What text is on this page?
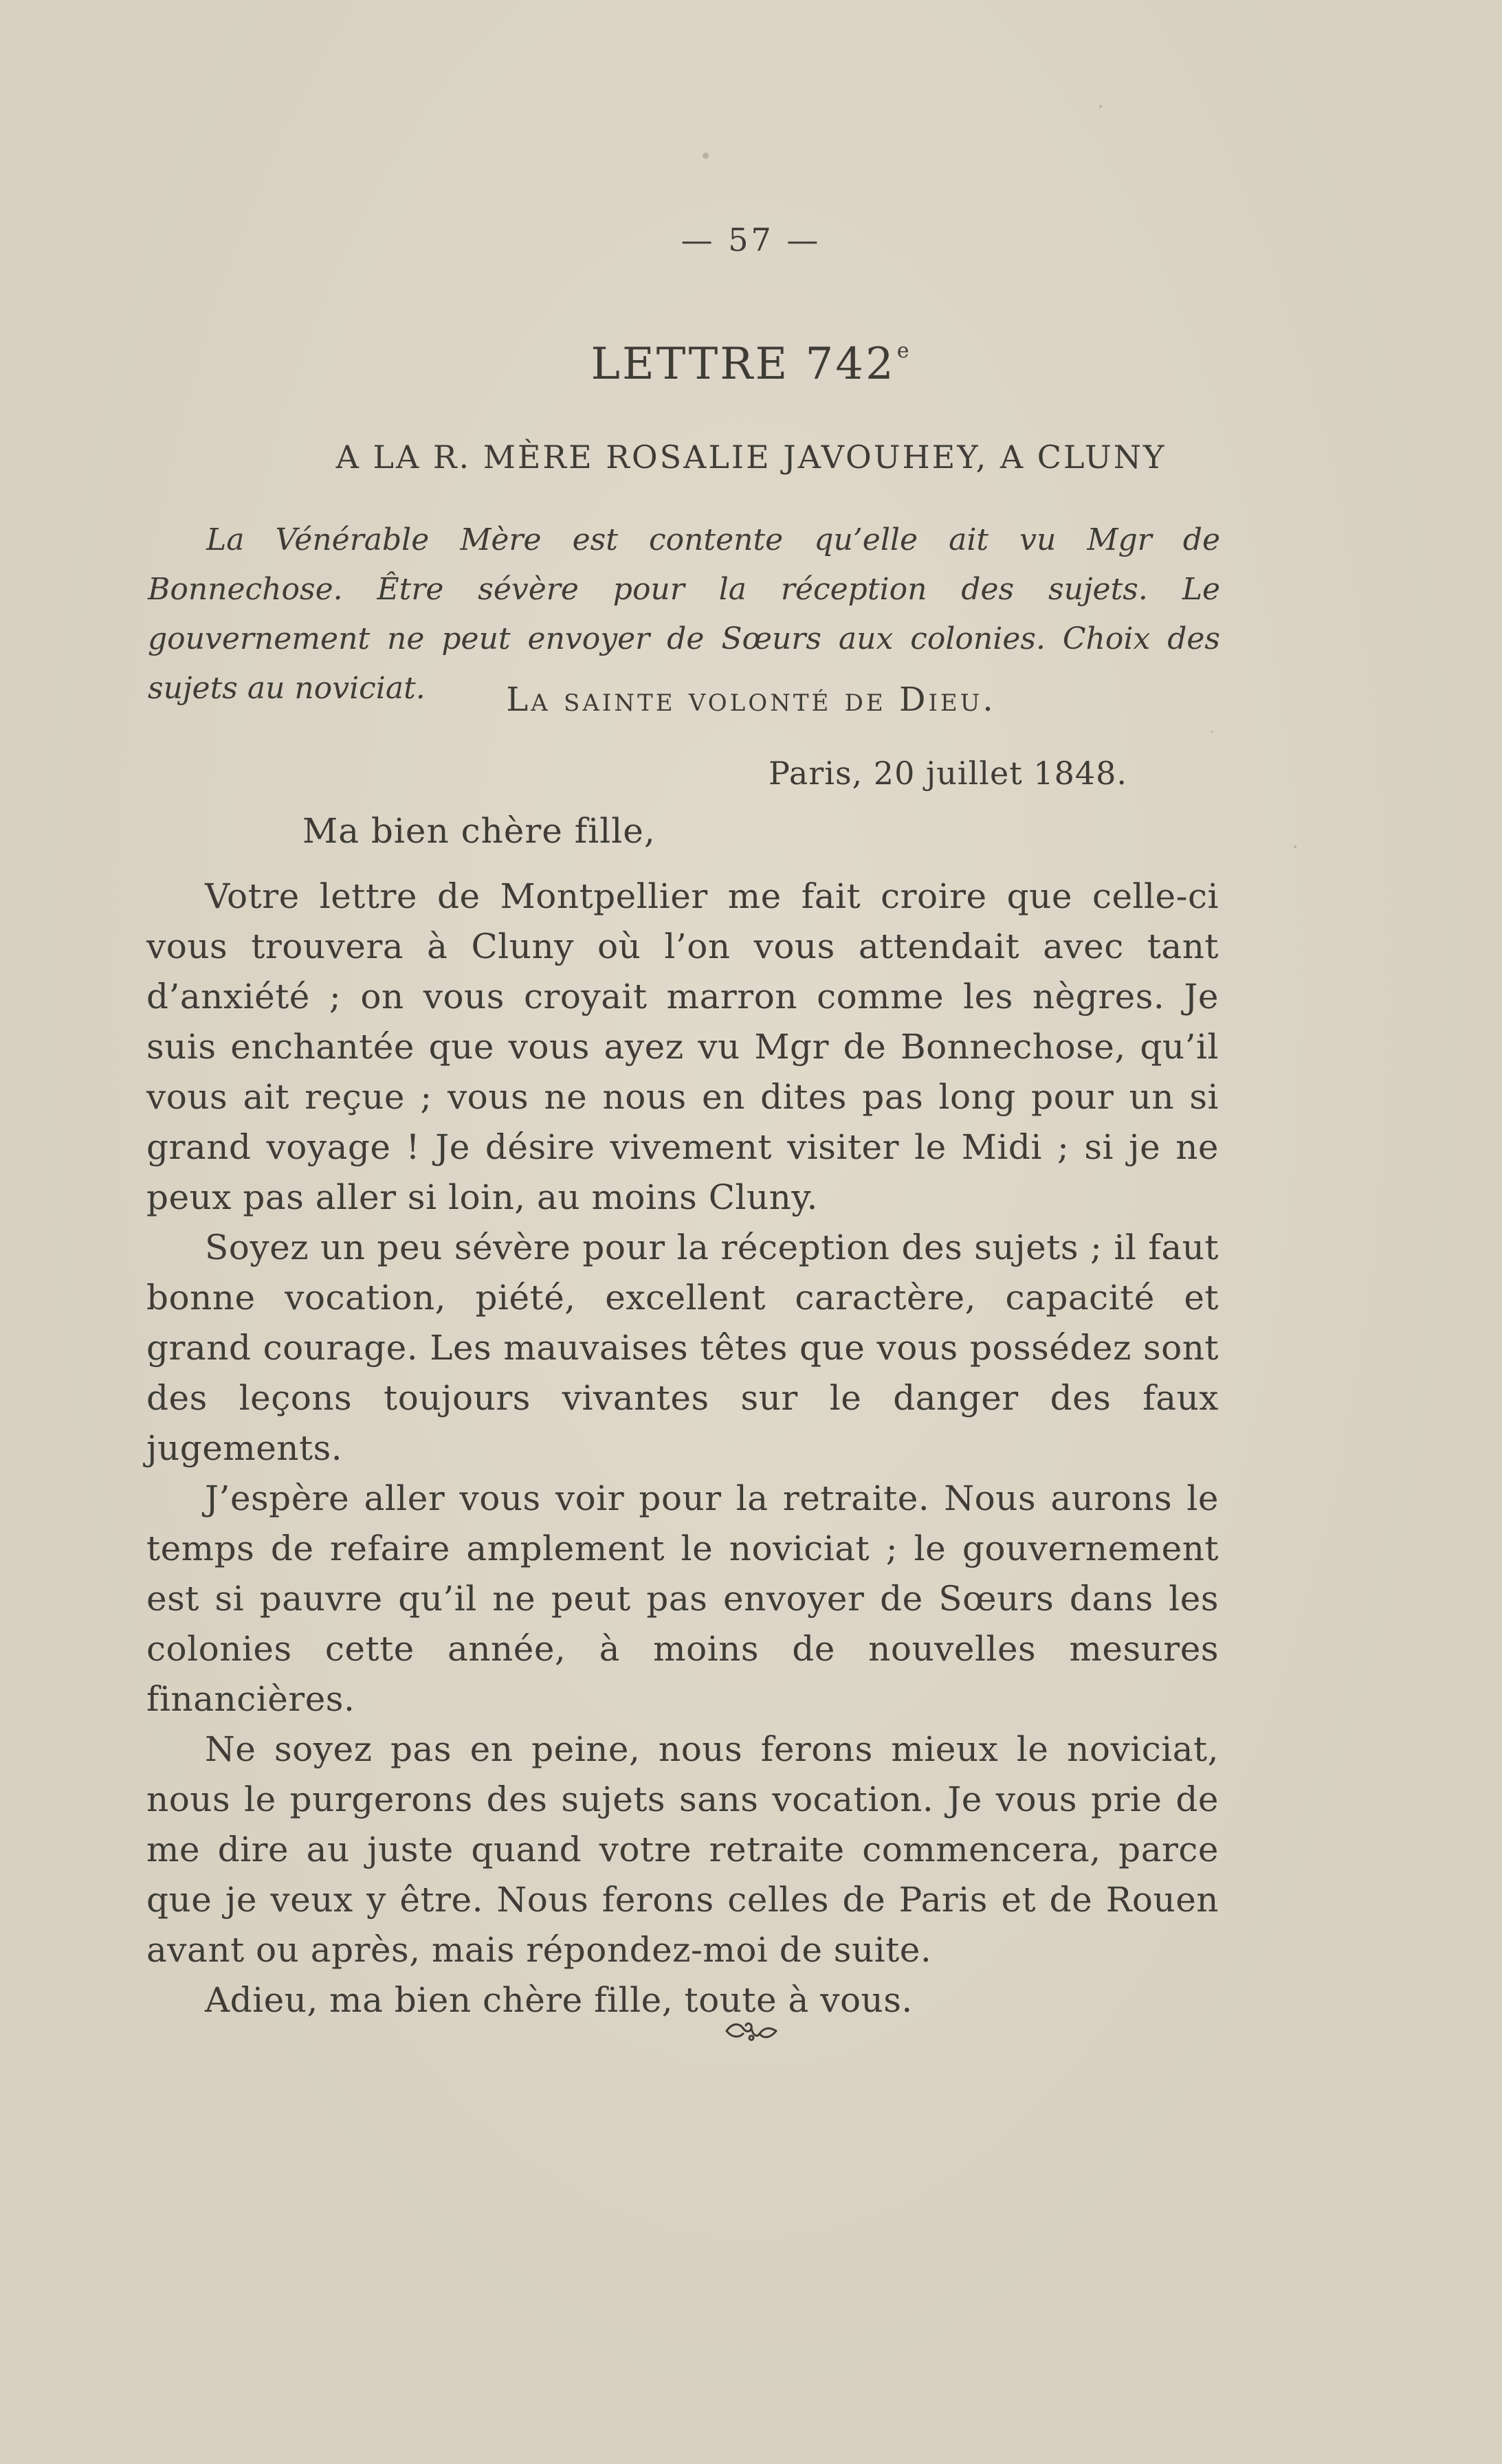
— 57 —
LETTRE 742e
A LA R. MÈRE ROSALIE JAVOUHEY, A CLUNY
La Vénérable Mère est contente qu’elle ait vu Mgr de Bonnechose. Être sévère pour la réception des sujets. Le gouvernement ne peut envoyer de Sœurs aux colonies. Choix des sujets au noviciat.	La sainte volonté de Dieu.
Paris, 20 juillet 1848.
Ma bien chère fille,

Votre lettre de Montpellier me fait croire que celle-ci vous trouvera à Cluny où l’on vous attendait avec tant d’anxiété ; on vous croyait marron comme les nègres. Je suis enchantée que vous ayez vu Mgr de Bonnechose, qu’il vous ait reçue ; vous ne nous en dites pas long pour un si grand voyage ! Je désire vivement visiter le Midi ; si je ne peux pas aller si loin, au moins Cluny.

Soyez un peu sévère pour la réception des sujets ; il faut bonne vocation, piété, excellent caractère, capacité et grand courage. Les mauvaises têtes que vous possédez sont des leçons toujours vivantes sur le danger des faux jugements.

J’espère aller vous voir pour la retraite. Nous aurons le temps de refaire amplement le noviciat ; le gouvernement est si pauvre qu’il ne peut pas envoyer de Sœurs dans les colonies cette année, à moins de nouvelles mesures financières.

Ne soyez pas en peine, nous ferons mieux le noviciat, nous le purgerons des sujets sans vocation. Je vous prie de me dire au juste quand votre retraite commencera, parce que je veux y être. Nous ferons celles de Paris et de Rouen avant ou après, mais répondez-moi de suite.

Adieu, ma bien chère fille, toute à vous.
